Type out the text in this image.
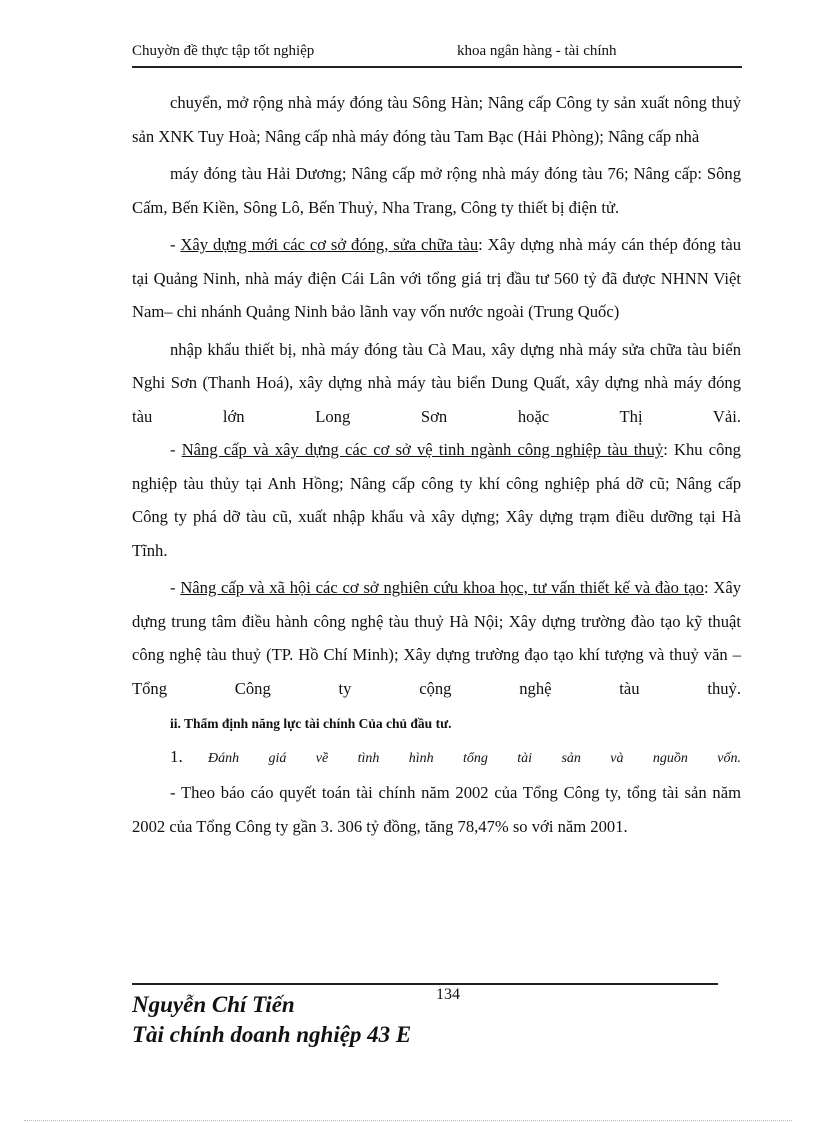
Chuyờn đề thực tập tốt nghiệp	khoa ngân hàng - tài chính

chuyển, mở rộng nhà máy đóng tàu Sông Hàn; Nâng cấp Công ty sản xuất nông thuỷ sản XNK Tuy Hoà; Nâng cấp nhà máy đóng tàu Tam Bạc (Hải Phòng); Nâng cấp nhà

máy đóng tàu Hải Dương; Nâng cấp mở rộng nhà máy đóng tàu 76; Nâng cấp: Sông Cấm, Bến Kiền, Sông Lô, Bến Thuỷ, Nha Trang, Công ty thiết bị điện tử.

- Xây dựng mới các cơ sở đóng, sửa chữa tàu: Xây dựng nhà máy cán thép đóng tàu tại Quảng Ninh, nhà máy điện Cái Lân với tổng giá trị đầu tư 560 tỷ đã được NHNN Việt Nam– chi nhánh Quảng Ninh bảo lãnh vay vốn nước ngoài (Trung Quốc)

nhập khẩu thiết bị, nhà máy đóng tàu Cà Mau, xây dựng nhà máy sửa chữa tàu biển Nghi Sơn (Thanh Hoá), xây dựng nhà máy tàu biển Dung Quất, xây dựng nhà máy đóng tàu lớn Long Sơn hoặc Thị Vải.

- Nâng cấp và xây dựng các cơ sở vệ tinh ngành công nghiệp tàu thuỷ: Khu công nghiệp tàu thủy tại Anh Hồng; Nâng cấp công ty khí công nghiệp phá dỡ cũ; Nâng cấp Công ty phá dỡ tàu cũ, xuất nhập khẩu và xây dựng; Xây dựng trạm điều dưỡng tại Hà Tĩnh.

- Nâng cấp và xã hội các cơ sở nghiên cứu khoa học, tư vấn thiết kế và đào tạo: Xây dựng trung tâm điều hành công nghệ tàu thuỷ Hà Nội; Xây dựng trường đào tạo kỹ thuật công nghệ tàu thuỷ (TP. Hồ Chí Minh); Xây dựng trường đạo tạo khí tượng và thuỷ văn – Tổng Công ty cộng nghệ tàu thuỷ.

ii. Thẩm định năng lực tài chính Của chủ đầu tư.

1. Đánh giá về tình hình tổng tài sản và nguồn vốn.

- Theo báo cáo quyết toán tài chính năm 2002 của Tổng Công ty, tổng tài sản năm 2002 của Tổng Công ty gần 3. 306 tỷ đồng, tăng 78,47% so với năm 2001.

134
Nguyễn Chí Tiến
Tài chính doanh nghiệp 43 E
